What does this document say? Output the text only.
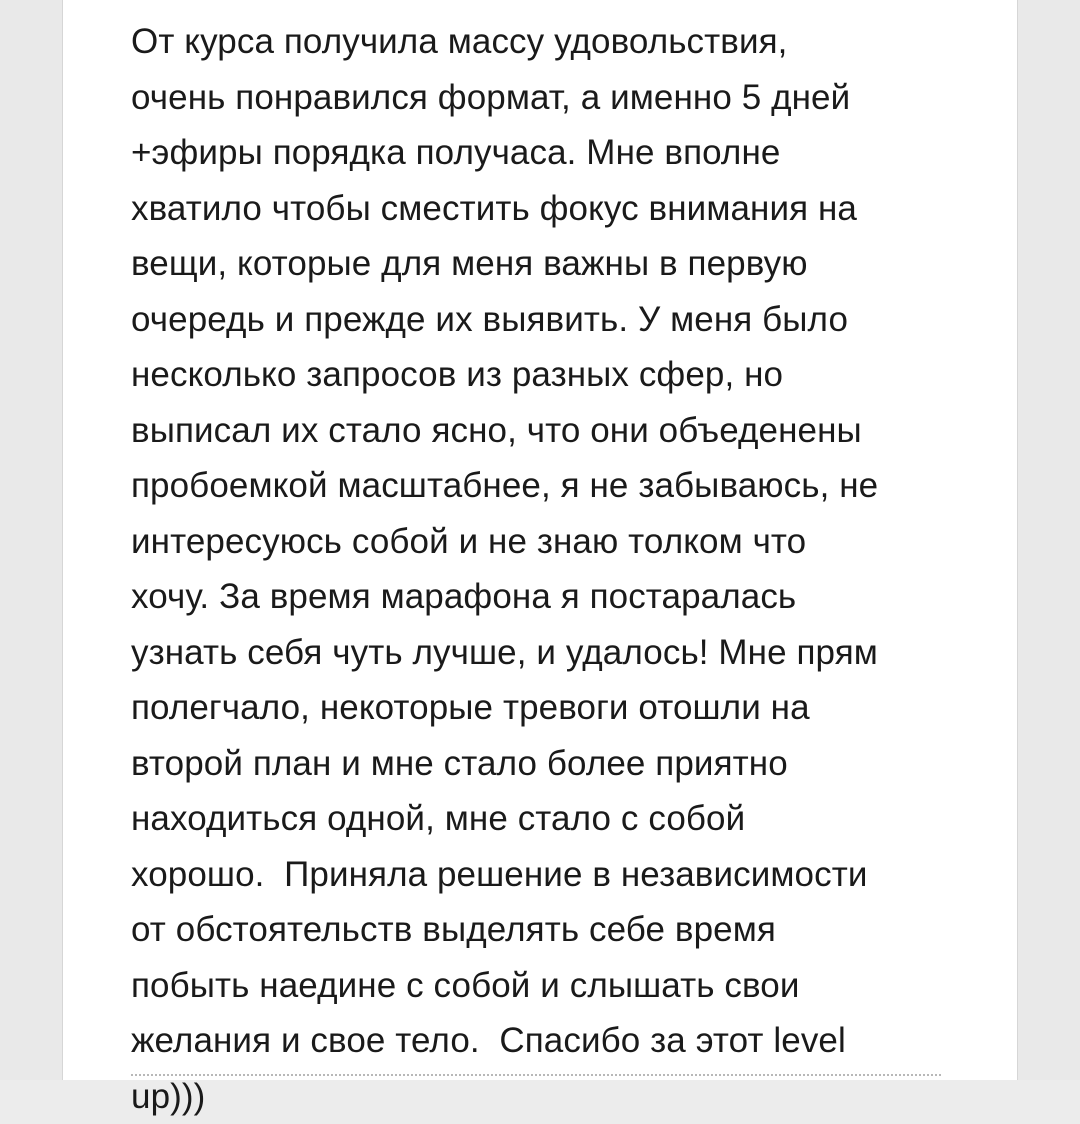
От курса получила массу удовольствия,
очень понравился формат, а именно 5 дней
+эфиры порядка получаса. Мне вполне
хватило чтобы сместить фокус внимания на
вещи, которые для меня важны в первую
очередь и прежде их выявить. У меня было
несколько запросов из разных сфер, но
выписал их стало ясно, что они объеденены
пробоемкой масштабнее, я не забываюсь, не
интересуюсь собой и не знаю толком что
хочу. За время марафона я постаралась
узнать себя чуть лучше, и удалось! Мне прям
полегчало, некоторые тревоги отошли на
второй план и мне стало более приятно
находиться одной, мне стало с собой
хорошо.  Приняла решение в независимости
от обстоятельств выделять себе время
побыть наедине с собой и слышать свои
желания и свое тело.  Спасибо за этот level
up)))
